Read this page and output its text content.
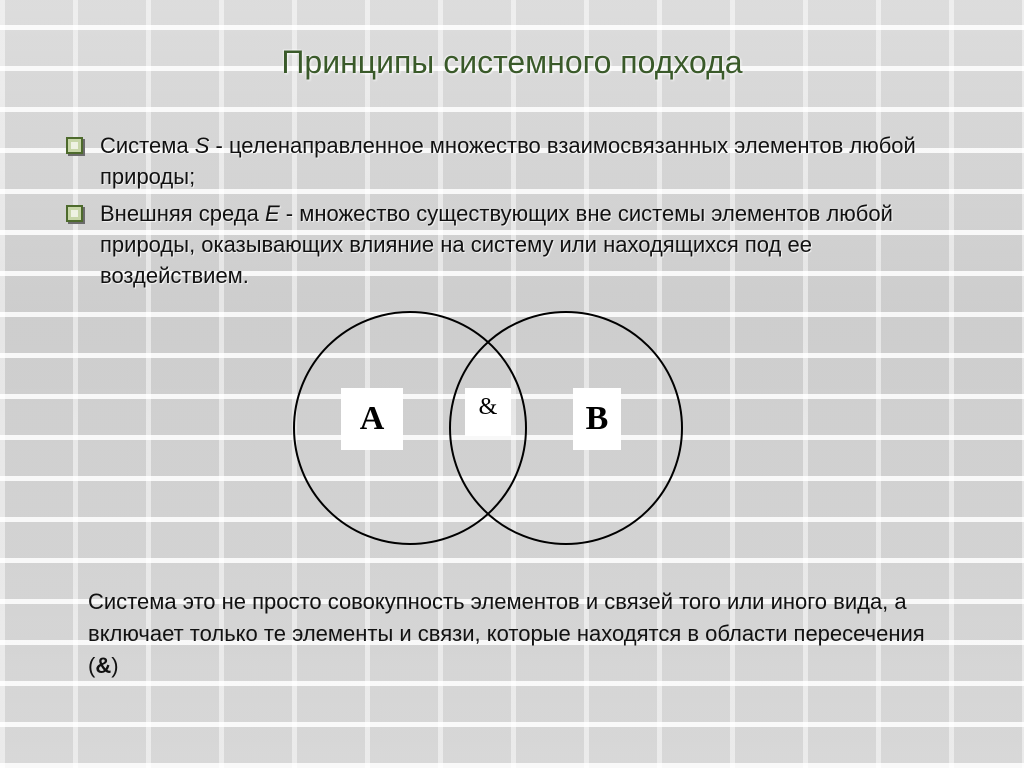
Принципы системного подхода
Система S - целенаправленное множество взаимосвязанных элементов любой природы;
Внешняя среда E - множество существующих вне системы элементов любой природы, оказывающих влияние на систему или находящихся под ее воздействием.
A	&	B
Система это не просто совокупность элементов и связей того или иного вида, а включает только те элементы и связи, которые находятся в области пересечения (&)
